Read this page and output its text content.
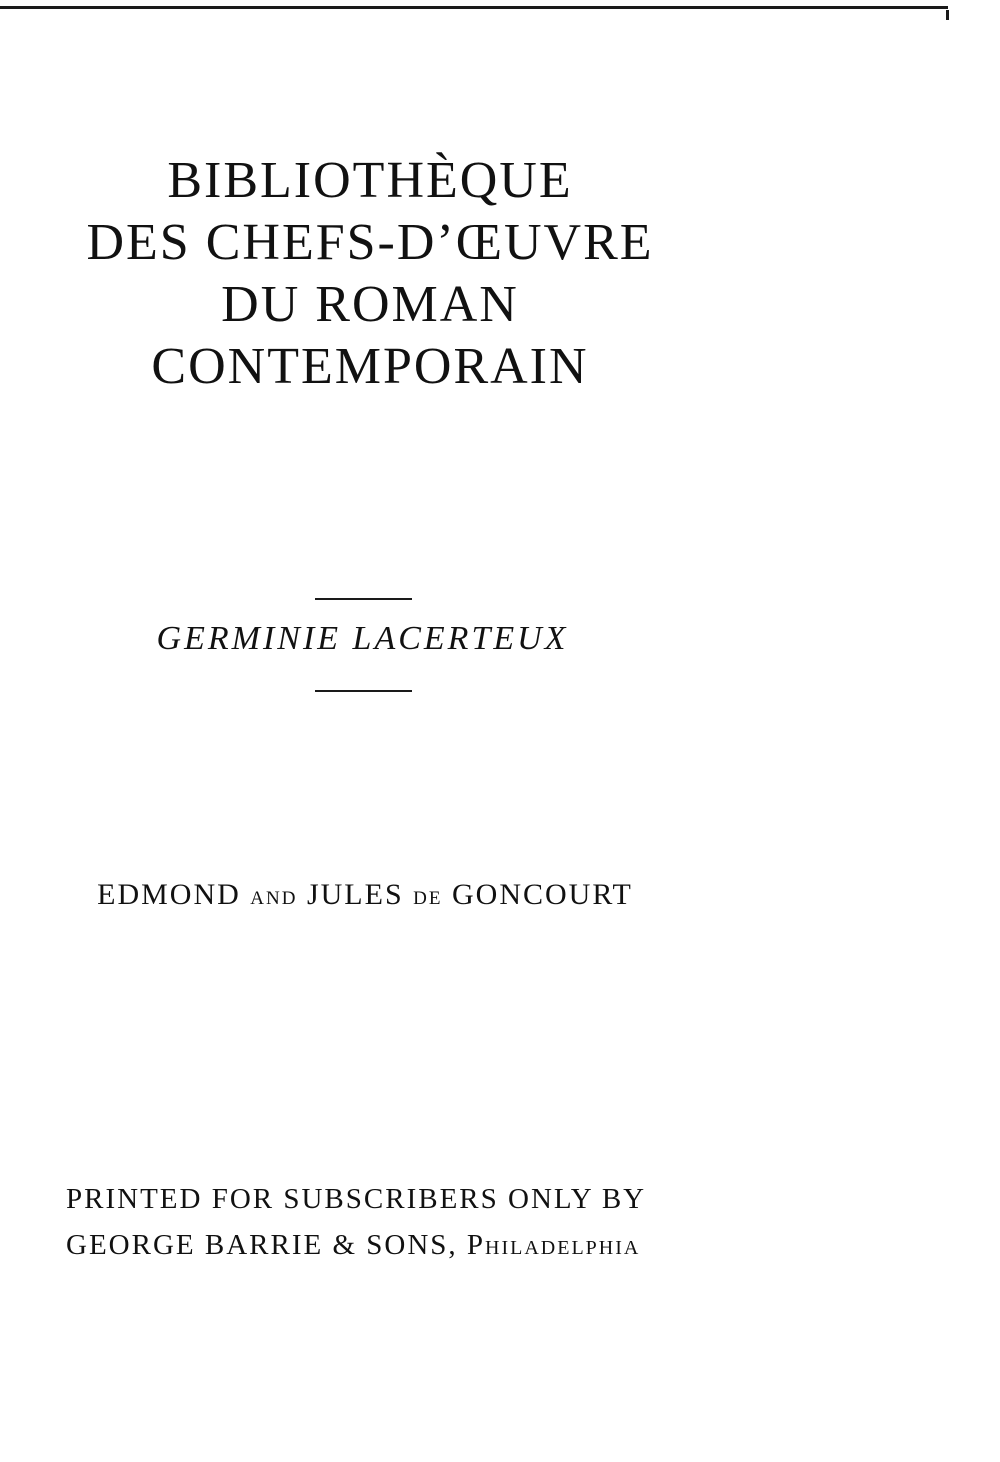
BIBLIOTHÈQUE
DES CHEFS-D’ŒUVRE
DU ROMAN
CONTEMPORAIN
GERMINIE LACERTEUX
EDMOND AND JULES DE GONCOURT
PRINTED FOR SUBSCRIBERS ONLY BY
GEORGE BARRIE & SONS, Philadelphia
